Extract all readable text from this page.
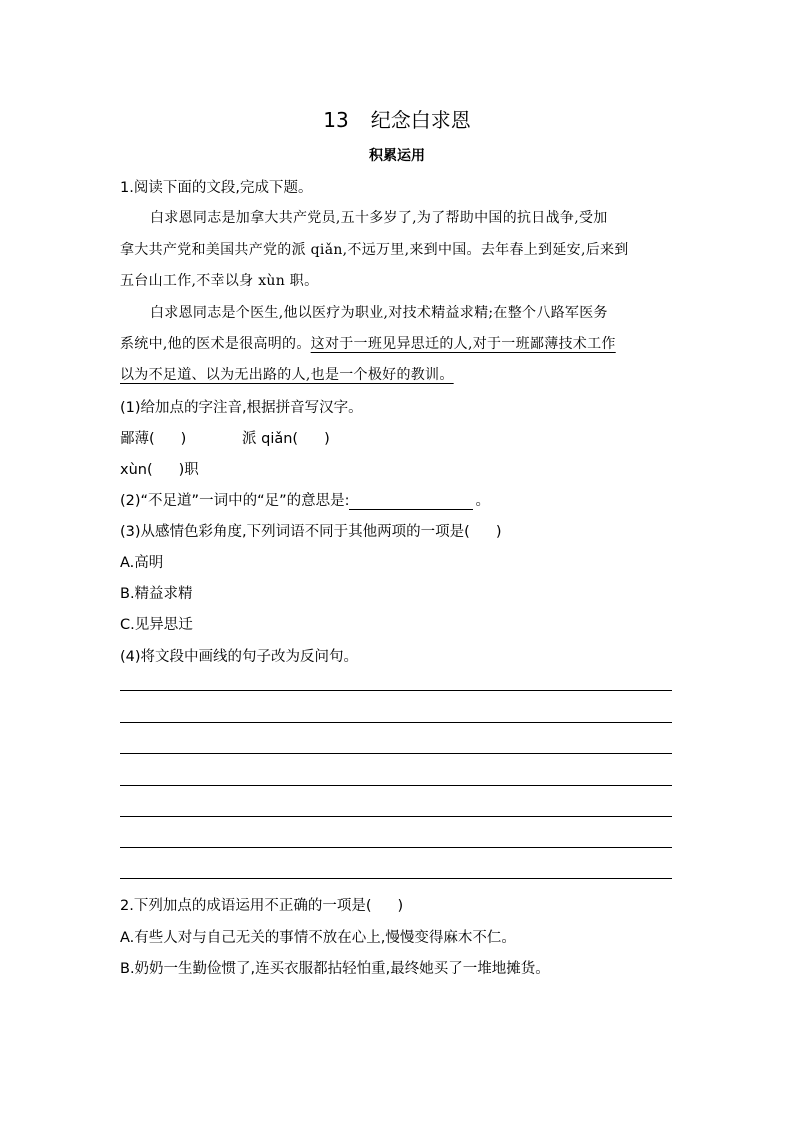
13 纪念白求恩
积累运用
1.阅读下面的文段,完成下题。
白求恩同志是加拿大共产党员,五十多岁了,为了帮助中国的抗日战争,受加
拿大共产党和美国共产党的派 qiǎn,不远万里,来到中国。去年春上到延安,后来到
五台山工作,不幸以身 xùn 职。
白求恩同志是个医生,他以医疗为职业,对技术精益求精;在整个八路军医务
系统中,他的医术是很高明的。这对于一班见异思迁的人,对于一班鄙薄技术工作
以为不足道、以为无出路的人,也是一个极好的教训。
(1)给加点的字注音,根据拼音写汉字。
鄙薄( )	派 qiǎn( )
xùn( )职
(2)“不足道”一词中的“足”的意思是:	。
(3)从感情色彩角度,下列词语不同于其他两项的一项是( )
A.高明
B.精益求精
C.见异思迁
(4)将文段中画线的句子改为反问句。
2.下列加点的成语运用不正确的一项是( )
A.有些人对与自己无关的事情不放在心上,慢慢变得麻木不仁。
B.奶奶一生勤俭惯了,连买衣服都拈轻怕重,最终她买了一堆地摊货。
